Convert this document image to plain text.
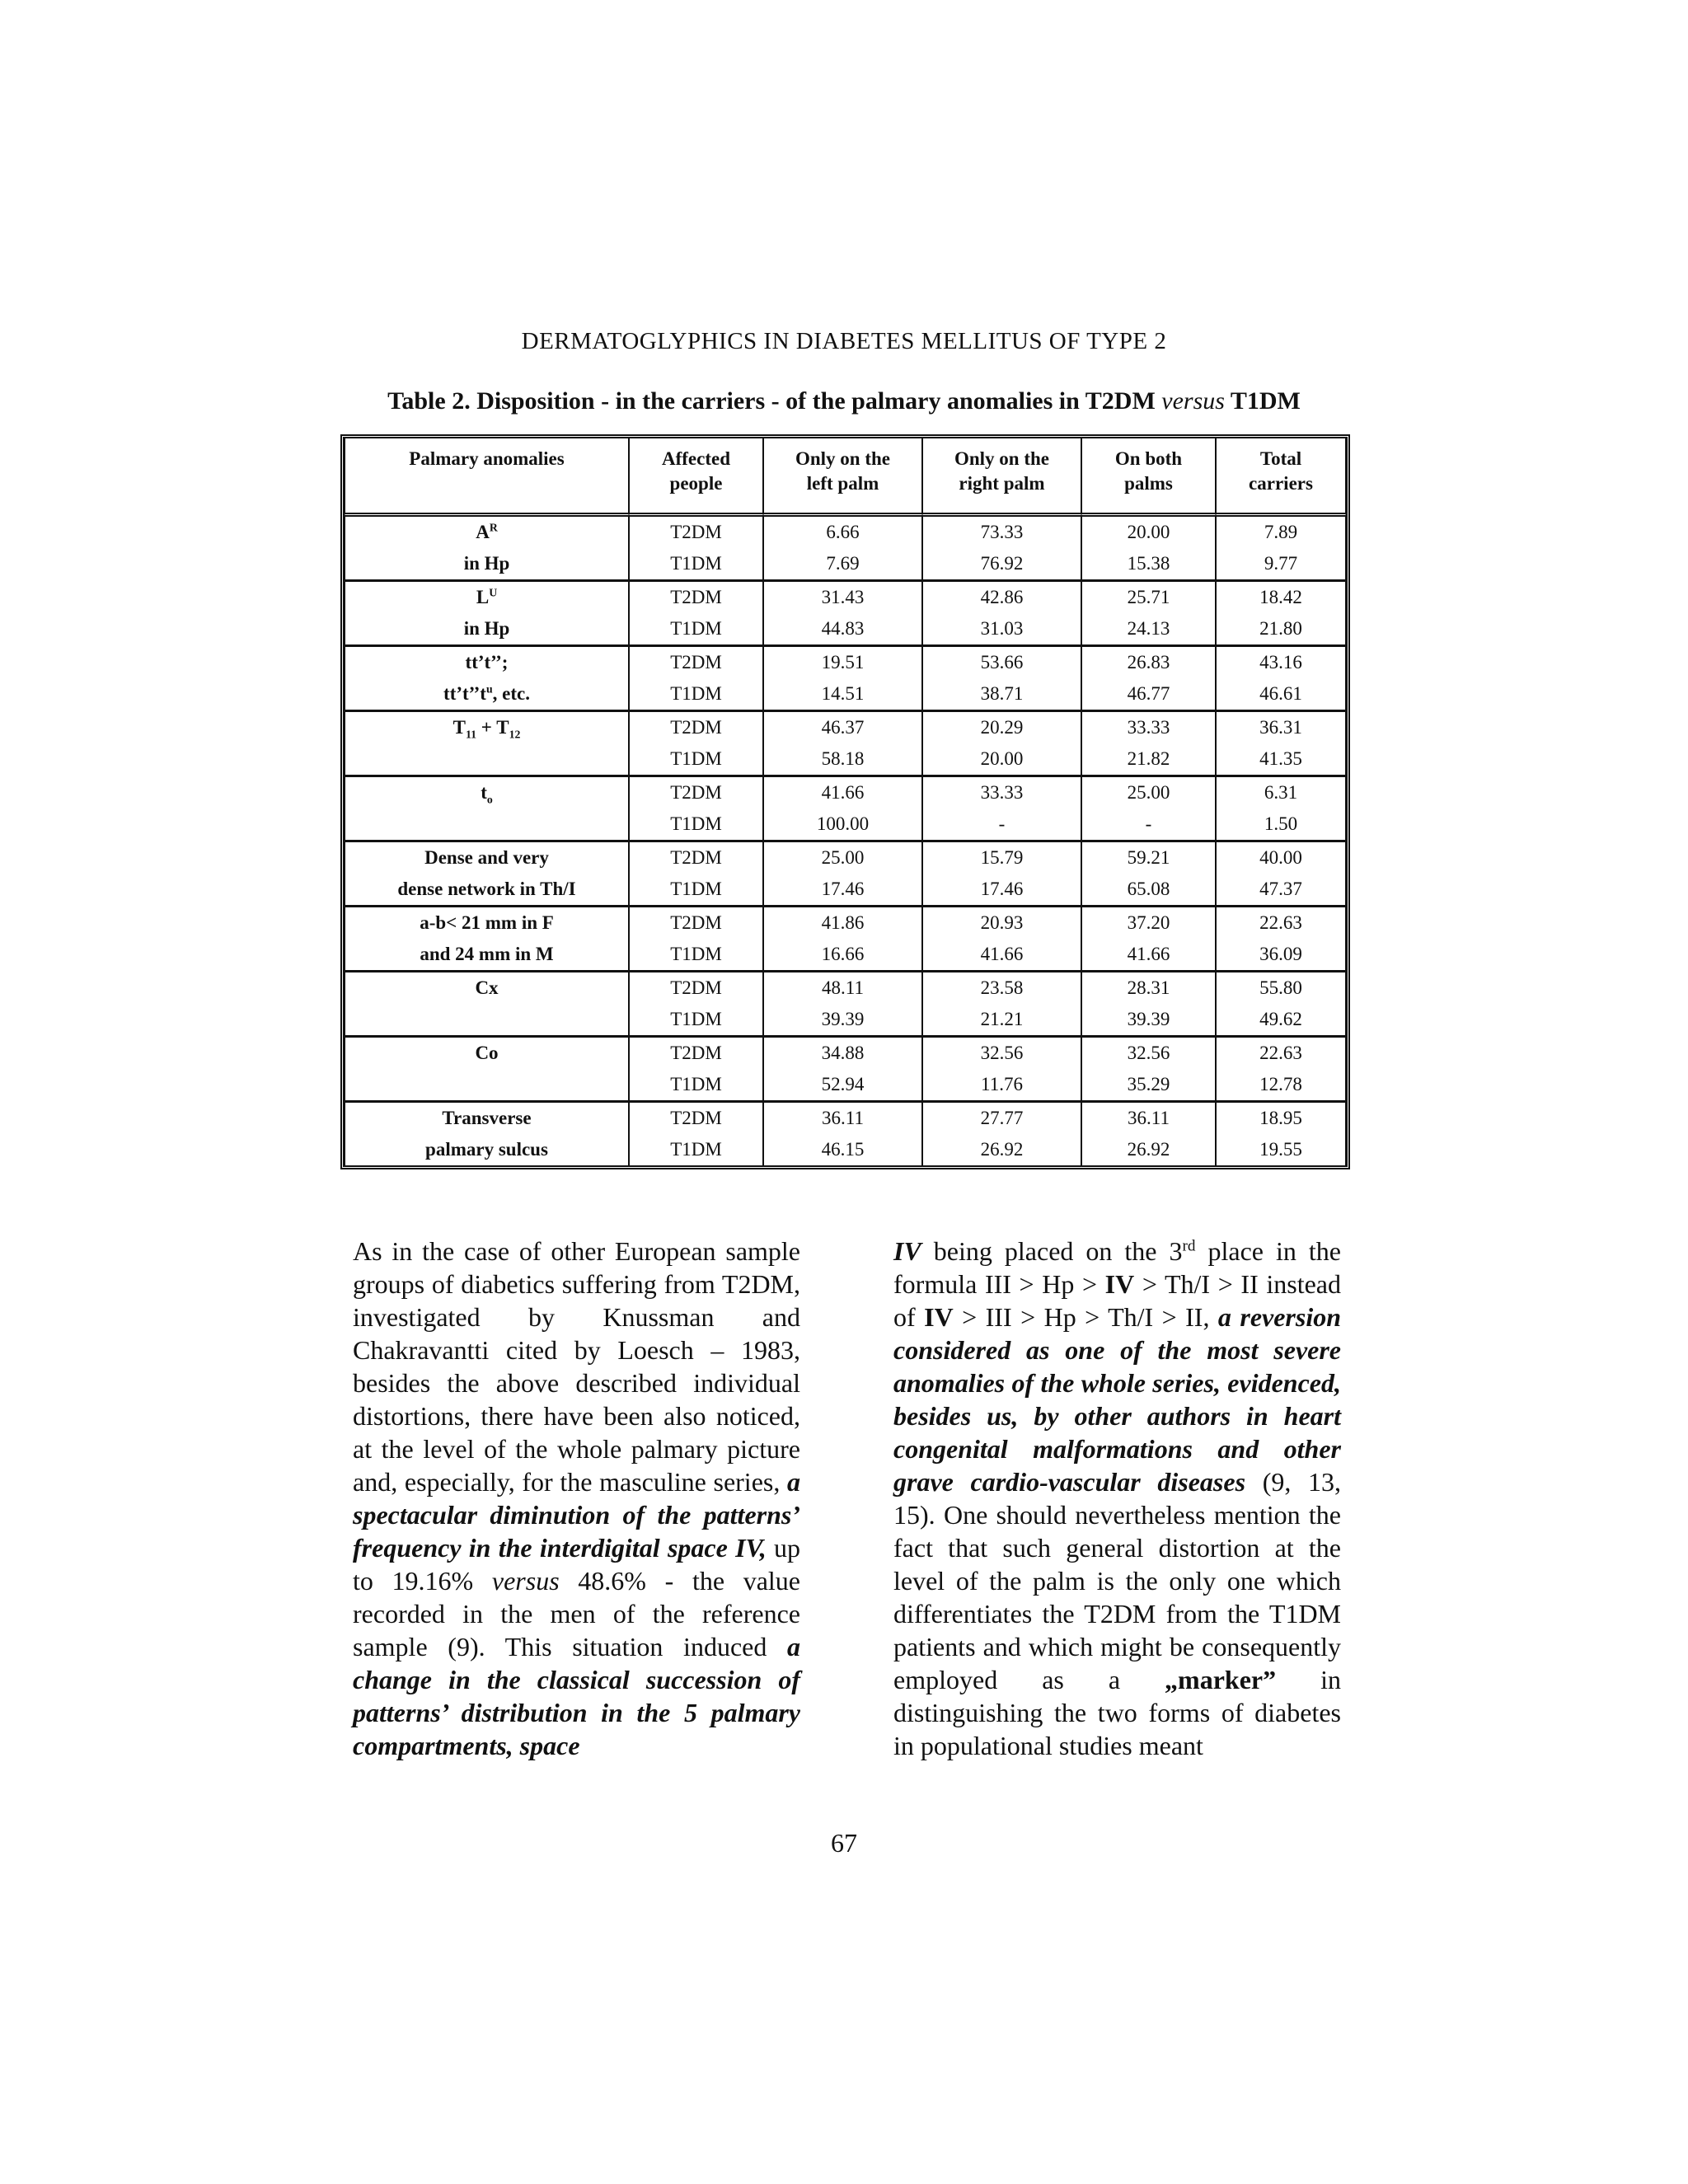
DERMATOGLYPHICS IN DIABETES MELLITUS OF TYPE 2
Table 2. Disposition - in the carriers - of the palmary anomalies in T2DM versus T1DM
Palmary anomalies	Affected people	Only on the left palm	Only on the right palm	On both palms	Total carriers
$A^R$	T2DM	6.66	73.33	20.00	7.89
in Hp	T1DM	7.69	76.92	15.38	9.77
$L^U$	T2DM	31.43	42.86	25.71	18.42
in Hp	T1DM	44.83	31.03	24.13	21.80
tt’t’’;	T2DM	19.51	53.66	26.83	43.16
$tt’t’’t^u$, etc.	T1DM	14.51	38.71	46.77	46.61
$T_{11} + T_{12}$	T2DM	46.37	20.29	33.33	36.31
	T1DM	58.18	20.00	21.82	41.35
$t_o$	T2DM	41.66	33.33	25.00	6.31
	T1DM	100.00	-	-	1.50
Dense and very	T2DM	25.00	15.79	59.21	40.00
dense network in Th/I	T1DM	17.46	17.46	65.08	47.37
a-b< 21 mm in F	T2DM	41.86	20.93	37.20	22.63
and 24 mm in M	T1DM	16.66	41.66	41.66	36.09
Cx	T2DM	48.11	23.58	28.31	55.80
	T1DM	39.39	21.21	39.39	49.62
Co	T2DM	34.88	32.56	32.56	22.63
	T1DM	52.94	11.76	35.29	12.78
Transverse	T2DM	36.11	27.77	36.11	18.95
palmary sulcus	T1DM	46.15	26.92	26.92	19.55
As in the case of other European sample groups of diabetics suffering from T2DM, investigated by Knussman and Chakravantti cited by Loesch – 1983, besides the above described individual distortions, there have been also noticed, at the level of the whole palmary picture and, especially, for the masculine series, a spectacular diminution of the patterns’ frequency in the interdigital space IV, up to 19.16% versus 48.6% - the value recorded in the men of the reference sample (9). This situation induced a change in the classical succession of patterns’ distribution in the 5 palmary compartments, space
IV being placed on the 3rd place in the formula III > Hp > IV > Th/I > II instead of IV > III > Hp > Th/I > II, a reversion considered as one of the most severe anomalies of the whole series, evidenced, besides us, by other authors in heart congenital malformations and other grave cardio-vascular diseases (9, 13, 15). One should nevertheless mention the fact that such general distortion at the level of the palm is the only one which differentiates the T2DM from the T1DM patients and which might be consequently employed as a „marker” in distinguishing the two forms of diabetes in populational studies meant
67
